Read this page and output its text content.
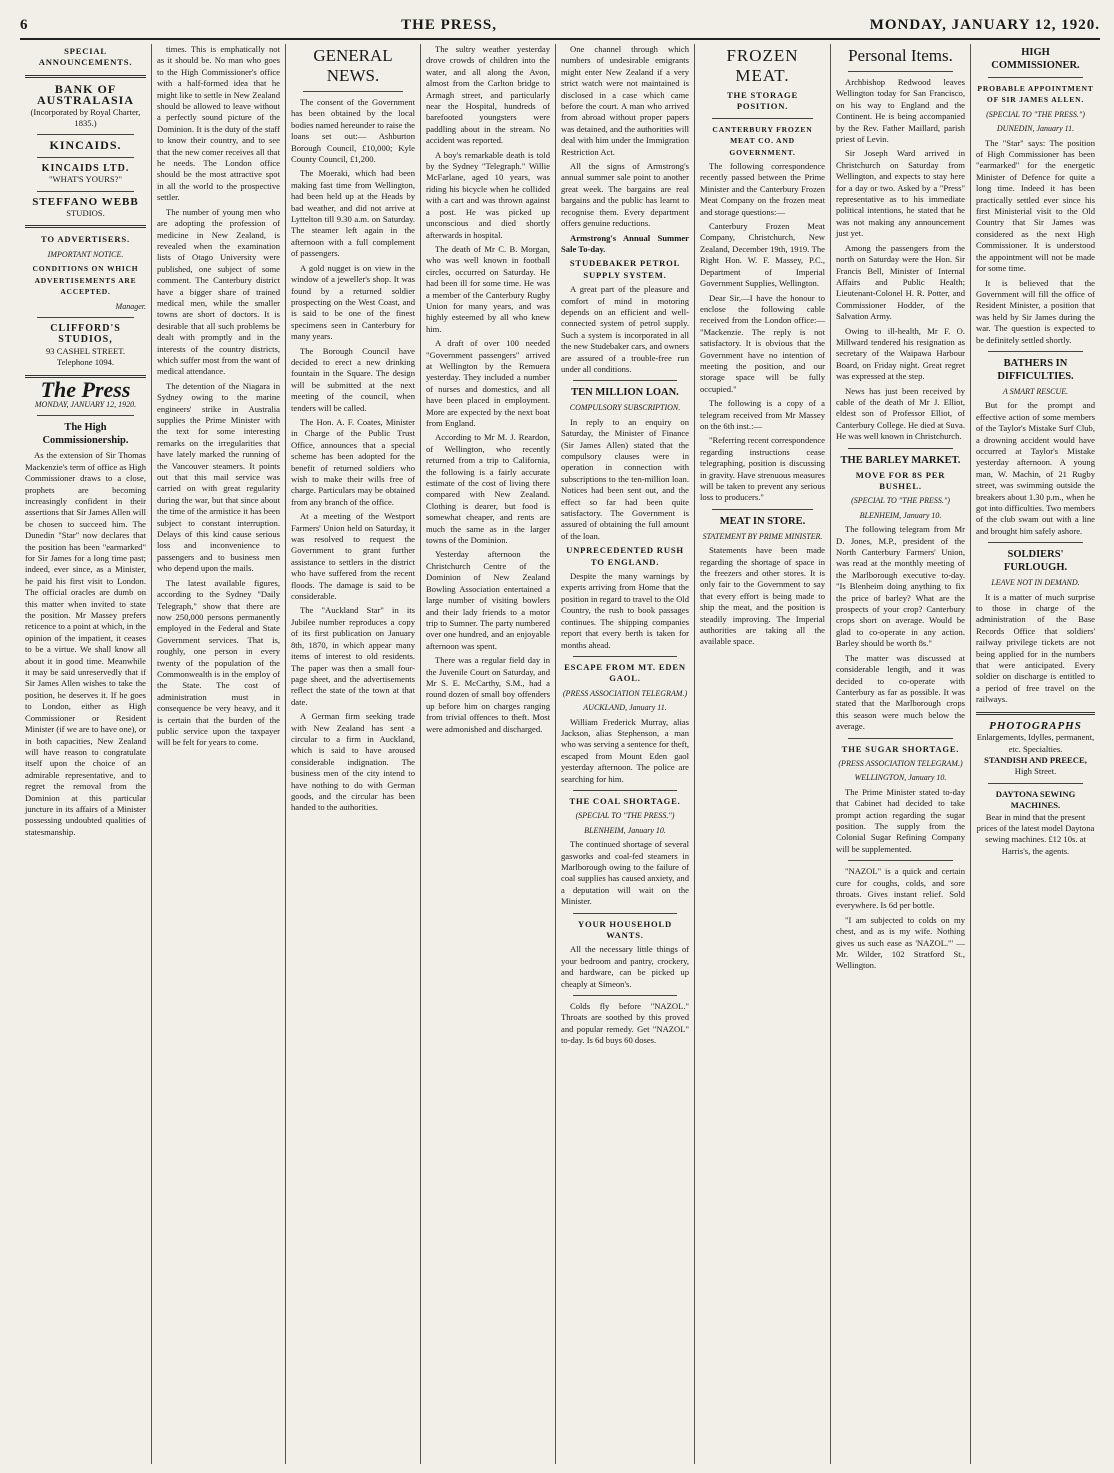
6	THE PRESS,	MONDAY, JANUARY 12, 1920.
SPECIAL ANNOUNCEMENTS.
BANK OF AUSTRALASIA
(Incorporated by Royal Charter, 1835.)
KINCAIDS.
KINCAIDS LTD.
"WHAT'S YOURS?"
STEFFANO WEBB
STUDIOS.
TO ADVERTISERS.
IMPORTANT NOTICE.
CONDITIONS ON WHICH ADVERTISEMENTS ARE ACCEPTED.
Manager.
CLIFFORD'S STUDIOS,
93 CASHEL STREET.
Telephone 1094.
The Press
MONDAY, JANUARY 12, 1920.
The High Commissionership.

As the extension of Sir Thomas Mackenzie's term of office as High Commissioner draws to a close, prophets are becoming increasingly confident in their assertions that Sir James Allen will be chosen to succeed him. The Dunedin "Star" now declares that the position has been "earmarked" for Sir James for a long time past; indeed, ever since, as a Minister, he paid his first visit to London. The official oracles are dumb on this matter when invited to state the position. Mr Massey prefers reticence to a point at which, in the opinion of the impatient, it ceases to be a virtue. We shall know all about it in good time. Meanwhile it may be said unreservedly that if Sir James Allen wishes to take the position, he deserves it. If he goes to London, either as High Commissioner or Resident Minister (if we are to have one), or in both capacities, New Zealand will have reason to congratulate itself upon the choice of an admirable representative, and to regret the removal from the Dominion at this particular juncture in its affairs of a Minister possessing undoubted qualities of statesmanship.

times. This is emphatically not as it should be. No man who goes to the High Commissioner's office with a half-formed idea that he might like to settle in New Zealand should be allowed to leave without a perfectly sound picture of the Dominion. It is the duty of the staff to know their country, and to see that the new comer receives all that he needs. The London office should be the most attractive spot in all the world to the prospective settler.

The number of young men who are adopting the profession of medicine in New Zealand, is revealed when the examination lists of Otago University were published, one subject of some comment. The Canterbury district have a bigger share of trained medical men, while the smaller towns are short of doctors. It is desirable that all such problems be dealt with promptly and in the interests of the country districts, which suffer most from the want of medical attendance.

The detention of the Niagara in Sydney owing to the marine engineers' strike in Australia supplies the Prime Minister with the text for some interesting remarks on the irregularities that have lately marked the running of the Vancouver steamers. It points out that this mail service was carried on with great regularity during the war, but that since about the time of the armistice it has been subject to constant interruption. Delays of this kind cause serious loss and inconvenience to passengers and to business men who depend upon the mails.

The latest available figures, according to the Sydney "Daily Telegraph," show that there are now 250,000 persons permanently employed in the Federal and State Government services. That is, roughly, one person in every twenty of the population of the Commonwealth is in the employ of the State. The cost of administration must in consequence be very heavy, and it is certain that the burden of the public service upon the taxpayer will be felt for years to come.

GENERAL NEWS.

The consent of the Government has been obtained by the local bodies named hereunder to raise the loans set out:— Ashburton Borough Council, £10,000; Kyle County Council, £1,200.

The Moeraki, which had been making fast time from Wellington, had been held up at the Heads by bad weather, and did not arrive at Lyttelton till 9.30 a.m. on Saturday. The steamer left again in the afternoon with a full complement of passengers.

A gold nugget is on view in the window of a jeweller's shop. It was found by a returned soldier prospecting on the West Coast, and is said to be one of the finest specimens seen in Canterbury for many years.

The Borough Council have decided to erect a new drinking fountain in the Square. The design will be submitted at the next meeting of the council, when tenders will be called.

The Hon. A. F. Coates, Minister in Charge of the Public Trust Office, announces that a special scheme has been adopted for the benefit of returned soldiers who wish to make their wills free of charge. Particulars may be obtained from any branch of the office.

At a meeting of the Westport Farmers' Union held on Saturday, it was resolved to request the Government to grant further assistance to settlers in the district who have suffered from the recent floods. The damage is said to be considerable.

The "Auckland Star" in its Jubilee number reproduces a copy of its first publication on January 8th, 1870, in which appear many items of interest to old residents. The paper was then a small four-page sheet, and the advertisements reflect the state of the town at that date.

A German firm seeking trade with New Zealand has sent a circular to a firm in Auckland, which is said to have aroused considerable indignation. The business men of the city intend to have nothing to do with German goods, and the circular has been handed to the authorities.

The sultry weather yesterday drove crowds of children into the water, and all along the Avon, almost from the Carlton bridge to Armagh street, and particularly near the Hospital, hundreds of barefooted youngsters were paddling about in the stream. No accident was reported.

A boy's remarkable death is told by the Sydney "Telegraph." Willie McFarlane, aged 10 years, was riding his bicycle when he collided with a cart and was thrown against a post. He was picked up unconscious and died shortly afterwards in hospital.

The death of Mr C. B. Morgan, who was well known in football circles, occurred on Saturday. He had been ill for some time. He was a member of the Canterbury Rugby Union for many years, and was highly esteemed by all who knew him.

A draft of over 100 needed "Government passengers" arrived at Wellington by the Remuera yesterday. They included a number of nurses and domestics, and all have been placed in employment. More are expected by the next boat from England.

According to Mr M. J. Reardon, of Wellington, who recently returned from a trip to California, the following is a fairly accurate estimate of the cost of living there compared with New Zealand. Clothing is dearer, but food is somewhat cheaper, and rents are much the same as in the larger towns of the Dominion.

Yesterday afternoon the Christchurch Centre of the Dominion of New Zealand Bowling Association entertained a large number of visiting bowlers and their lady friends to a motor trip to Sumner. The party numbered over one hundred, and an enjoyable afternoon was spent.

There was a regular field day in the Juvenile Court on Saturday, and Mr S. E. McCarthy, S.M., had a round dozen of small boy offenders up before him on charges ranging from trivial offences to theft. Most were admonished and discharged.

One channel through which numbers of undesirable emigrants might enter New Zealand if a very strict watch were not maintained is disclosed in a case which came before the court. A man who arrived from abroad without proper papers was detained, and the authorities will deal with him under the Immigration Restriction Act.

All the signs of Armstrong's annual summer sale point to another great week. The bargains are real bargains and the public has learnt to recognise them. Every department offers genuine reductions.

Armstrong's Annual Summer Sale To-day.

STUDEBAKER PETROL SUPPLY SYSTEM.

A great part of the pleasure and comfort of mind in motoring depends on an efficient and well-connected system of petrol supply. Such a system is incorporated in all the new Studebaker cars, and owners are assured of a trouble-free run under all conditions.

TEN MILLION LOAN.
COMPULSORY SUBSCRIPTION.

In reply to an enquiry on Saturday, the Minister of Finance (Sir James Allen) stated that the compulsory clauses were in operation in connection with subscriptions to the ten-million loan. Notices had been sent out, and the effect so far had been quite satisfactory. The Government is assured of obtaining the full amount of the loan.

UNPRECEDENTED RUSH TO ENGLAND.

Despite the many warnings by experts arriving from Home that the position in regard to travel to the Old Country, the rush to book passages continues. The shipping companies report that every berth is taken for months ahead.

ESCAPE FROM MT. EDEN GAOL.
(PRESS ASSOCIATION TELEGRAM.)
AUCKLAND, January 11.

William Frederick Murray, alias Jackson, alias Stephenson, a man who was serving a sentence for theft, escaped from Mount Eden gaol yesterday afternoon. The police are searching for him.

THE COAL SHORTAGE.
(SPECIAL TO "THE PRESS.")
BLENHEIM, January 10.

The continued shortage of several gasworks and coal-fed steamers in Marlborough owing to the failure of coal supplies has caused anxiety, and a deputation will wait on the Minister.

YOUR HOUSEHOLD WANTS.

All the necessary little things of your bedroom and pantry, crockery, and hardware, can be picked up cheaply at Simeon's.

Colds fly before "NAZOL." Throats are soothed by this proved and popular remedy. Get "NAZOL" to-day. Is 6d buys 60 doses.

FROZEN MEAT.
THE STORAGE POSITION.
CANTERBURY FROZEN MEAT CO. AND GOVERNMENT.

The following correspondence recently passed between the Prime Minister and the Canterbury Frozen Meat Company on the frozen meat and storage questions:—

Canterbury Frozen Meat Company, Christchurch, New Zealand, December 19th, 1919. The Right Hon. W. F. Massey, P.C., Department of Imperial Government Supplies, Wellington.

Dear Sir,—I have the honour to enclose the following cable received from the London office:— "Mackenzie. The reply is not satisfactory. It is obvious that the Government have no intention of meeting the position, and our storage space will be fully occupied."

The following is a copy of a telegram received from Mr Massey on the 6th inst.:—

"Referring recent correspondence regarding instructions cease telegraphing, position is discussing in gravity. Have strenuous measures will be taken to prevent any serious loss to producers."

MEAT IN STORE.
STATEMENT BY PRIME MINISTER.

Statements have been made regarding the shortage of space in the freezers and other stores. It is only fair to the Government to say that every effort is being made to ship the meat, and the position is steadily improving. The Imperial authorities are taking all the available space.

Personal Items.

Archbishop Redwood leaves Wellington today for San Francisco, on his way to England and the Continent. He is being accompanied by the Rev. Father Maillard, parish priest of Levin.

Sir Joseph Ward arrived in Christchurch on Saturday from Wellington, and expects to stay here for a day or two. Asked by a "Press" representative as to his immediate political intentions, he stated that he was not making any announcement just yet.

Among the passengers from the north on Saturday were the Hon. Sir Francis Bell, Minister of Internal Affairs and Public Health; Lieutenant-Colonel H. R. Potter, and Commissioner Hodder, of the Salvation Army.

Owing to ill-health, Mr F. O. Millward tendered his resignation as secretary of the Waipawa Harbour Board, on Friday night. Great regret was expressed at the step.

News has just been received by cable of the death of Mr J. Elliot, eldest son of Professor Elliot, of Canterbury College. He died at Suva. He was well known in Christchurch.

THE BARLEY MARKET.
MOVE FOR 8S PER BUSHEL.
(SPECIAL TO "THE PRESS.")
BLENHEIM, January 10.

The following telegram from Mr D. Jones, M.P., president of the North Canterbury Farmers' Union, was read at the monthly meeting of the Marlborough executive to-day. "Is Blenheim doing anything to fix the price of barley? What are the prospects of your crop? Canterbury crops short on average. Would be glad to co-operate in any action. Barley should be worth 8s."

The matter was discussed at considerable length, and it was decided to co-operate with Canterbury as far as possible. It was stated that the Marlborough crops this season were much below the average.

THE SUGAR SHORTAGE.
(PRESS ASSOCIATION TELEGRAM.)
WELLINGTON, January 10.

The Prime Minister stated to-day that Cabinet had decided to take prompt action regarding the sugar position. The supply from the Colonial Sugar Refining Company will be supplemented.

"NAZOL" is a quick and certain cure for coughs, colds, and sore throats. Gives instant relief. Sold everywhere. Is 6d per bottle.

"I am subjected to colds on my chest, and as is my wife. Nothing gives us such ease as 'NAZOL.'" — Mr. Wilder, 102 Stratford St., Wellington.

HIGH COMMISSIONER.
PROBABLE APPOINTMENT OF SIR JAMES ALLEN.
(SPECIAL TO "THE PRESS.")
DUNEDIN, January 11.

The "Star" says: The position of High Commissioner has been "earmarked" for the energetic Minister of Defence for quite a long time. Indeed it has been practically settled ever since his first Ministerial visit to the Old Country that Sir James was considered as the next High Commissioner. It is understood the appointment will not be made for some time.

It is believed that the Government will fill the office of Resident Minister, a position that was held by Sir James during the war. The question is expected to be definitely settled shortly.

BATHERS IN DIFFICULTIES.
A SMART RESCUE.

But for the prompt and effective action of some members of the Taylor's Mistake Surf Club, a drowning accident would have occurred at Taylor's Mistake yesterday afternoon. A young man, W. Machin, of 21 Rugby street, was swimming outside the breakers about 1.30 p.m., when he got into difficulties. Two members of the club swam out with a line and brought him safely ashore.

SOLDIERS' FURLOUGH.
LEAVE NOT IN DEMAND.

It is a matter of much surprise to those in charge of the administration of the Base Records Office that soldiers' railway privilege tickets are not being applied for in the numbers that were anticipated. Every soldier on discharge is entitled to a period of free travel on the railways.

PHOTOGRAPHS
Enlargements, Idylles, permanent, etc. Specialties.
STANDISH AND PREECE,
High Street.
DAYTONA SEWING MACHINES.
Bear in mind that the present prices of the latest model Daytona sewing machines. £12 10s. at Harris's, the agents.
